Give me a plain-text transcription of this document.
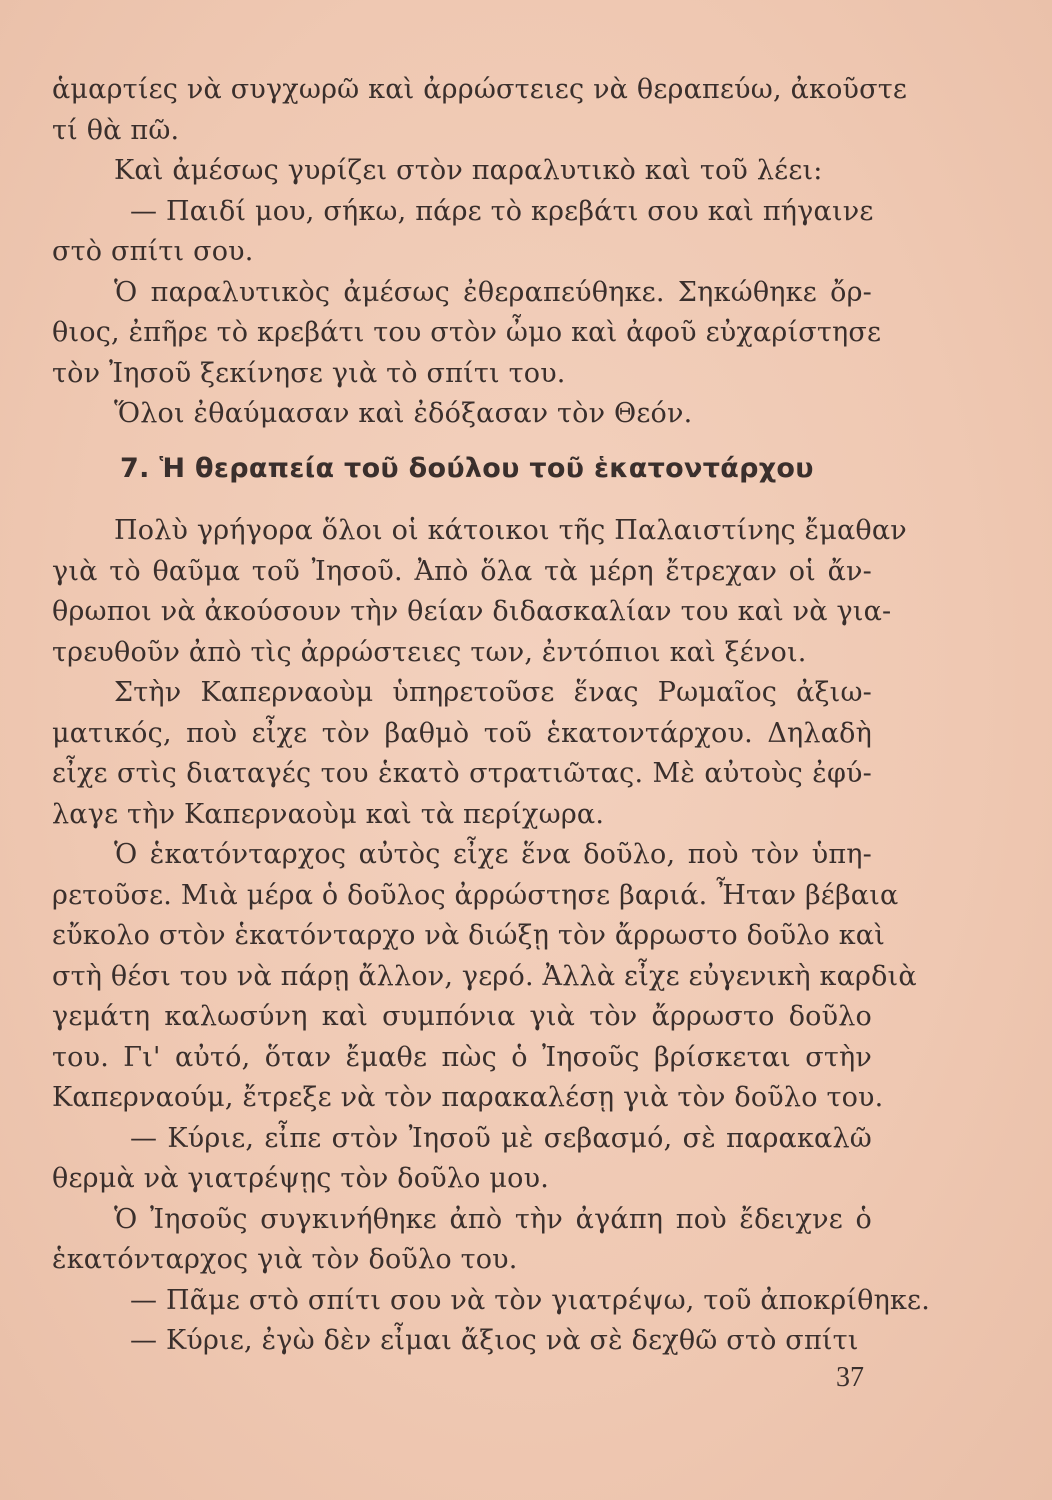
ἁμαρτίες νὰ συγχωρῶ καὶ ἀρρώστειες νὰ θεραπεύω, ἀκοῦστε
τί θὰ πῶ.
Καὶ ἀμέσως γυρίζει στὸν παραλυτικὸ καὶ τοῦ λέει:
— Παιδί μου, σήκω, πάρε τὸ κρεβάτι σου καὶ πήγαινε
στὸ σπίτι σου.
Ὁ παραλυτικὸς ἀμέσως ἐθεραπεύθηκε. Σηκώθηκε ὄρ-
θιος, ἐπῆρε τὸ κρεβάτι του στὸν ὦμο καὶ ἀφοῦ εὐχαρίστησε
τὸν Ἰησοῦ ξεκίνησε γιὰ τὸ σπίτι του.
Ὅλοι ἐθαύμασαν καὶ ἐδόξασαν τὸν Θεόν.
7. Ἡ θεραπεία τοῦ δούλου τοῦ ἑκατοντάρχου
Πολὺ γρήγορα ὅλοι οἱ κάτοικοι τῆς Παλαιστίνης ἔμαθαν
γιὰ τὸ θαῦμα τοῦ Ἰησοῦ. Ἀπὸ ὅλα τὰ μέρη ἔτρεχαν οἱ ἄν-
θρωποι νὰ ἀκούσουν τὴν θείαν διδασκαλίαν του καὶ νὰ για-
τρευθοῦν ἀπὸ τὶς ἀρρώστειες των, ἐντόπιοι καὶ ξένοι.
Στὴν Καπερναοὺμ ὑπηρετοῦσε ἕνας Ρωμαῖος ἀξιω-
ματικός, ποὺ εἶχε τὸν βαθμὸ τοῦ ἑκατοντάρχου. Δηλαδὴ
εἶχε στὶς διαταγές του ἑκατὸ στρατιῶτας. Μὲ αὐτοὺς ἐφύ-
λαγε τὴν Καπερναοὺμ καὶ τὰ περίχωρα.
Ὁ ἑκατόνταρχος αὐτὸς εἶχε ἕνα δοῦλο, ποὺ τὸν ὑπη-
ρετοῦσε. Μιὰ μέρα ὁ δοῦλος ἀρρώστησε βαριά. Ἦταν βέβαια
εὔκολο στὸν ἑκατόνταρχο νὰ διώξῃ τὸν ἄρρωστο δοῦλο καὶ
στὴ θέσι του νὰ πάρῃ ἄλλον, γερό. Ἀλλὰ εἶχε εὐγενικὴ καρδιὰ
γεμάτη καλωσύνη καὶ συμπόνια γιὰ τὸν ἄρρωστο δοῦλο
του. Γι' αὐτό, ὅταν ἔμαθε πὼς ὁ Ἰησοῦς βρίσκεται στὴν
Καπερναούμ, ἔτρεξε νὰ τὸν παρακαλέσῃ γιὰ τὸν δοῦλο του.
— Κύριε, εἶπε στὸν Ἰησοῦ μὲ σεβασμό, σὲ παρακαλῶ
θερμὰ νὰ γιατρέψῃς τὸν δοῦλο μου.
Ὁ Ἰησοῦς συγκινήθηκε ἀπὸ τὴν ἀγάπη ποὺ ἔδειχνε ὁ
ἑκατόνταρχος γιὰ τὸν δοῦλο του.
— Πᾶμε στὸ σπίτι σου νὰ τὸν γιατρέψω, τοῦ ἀποκρίθηκε.
— Κύριε, ἐγὼ δὲν εἶμαι ἄξιος νὰ σὲ δεχθῶ στὸ σπίτι
37
